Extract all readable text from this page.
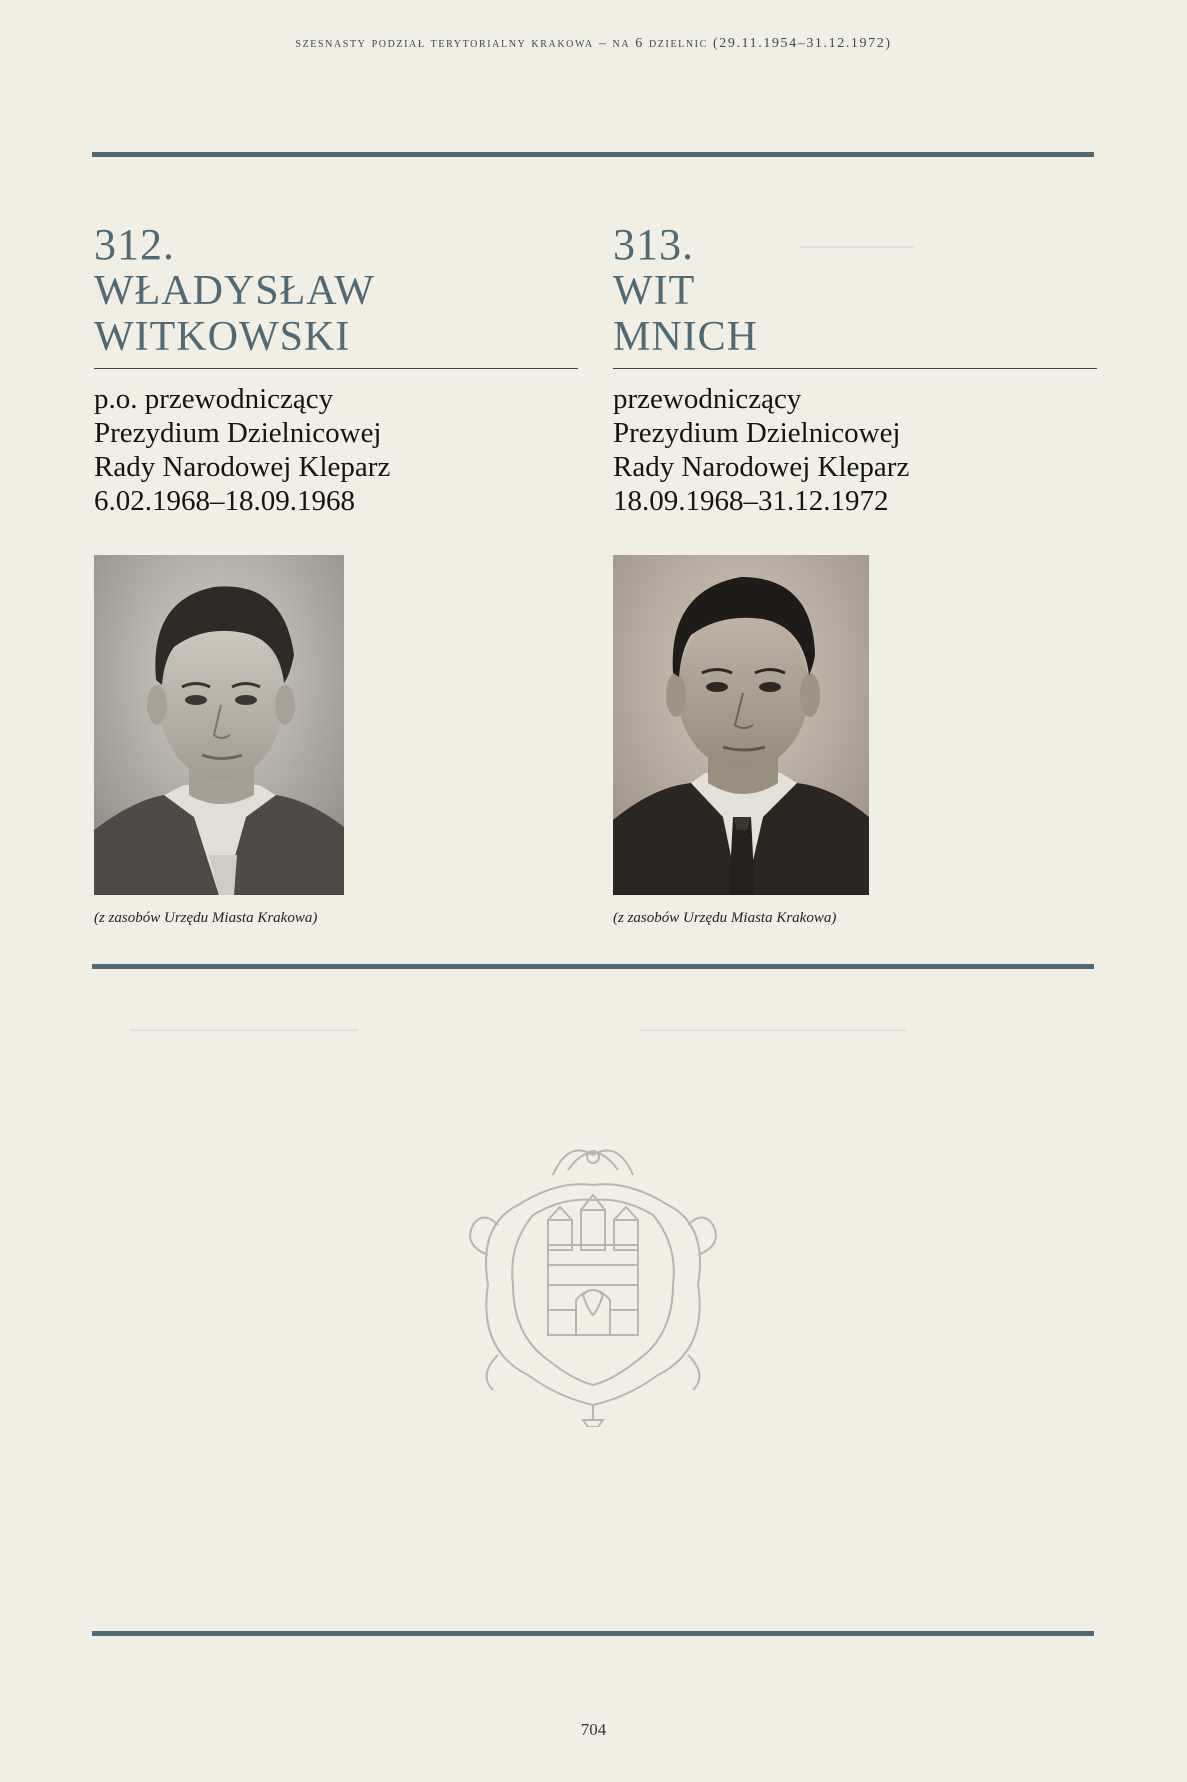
szesnasty podział terytorialny krakowa – na 6 dzielnic (29.11.1954–31.12.1972)
———
———————
——————
312.
WŁADYSŁAW
WITKOWSKI
p.o. przewodniczący
Prezydium Dzielnicowej
Rady Narodowej Kleparz
6.02.1968–18.09.1968
(z zasobów Urzędu Miasta Krakowa)
313.
WIT
MNICH
przewodniczący
Prezydium Dzielnicowej
Rady Narodowej Kleparz
18.09.1968–31.12.1972
(z zasobów Urzędu Miasta Krakowa)
704
